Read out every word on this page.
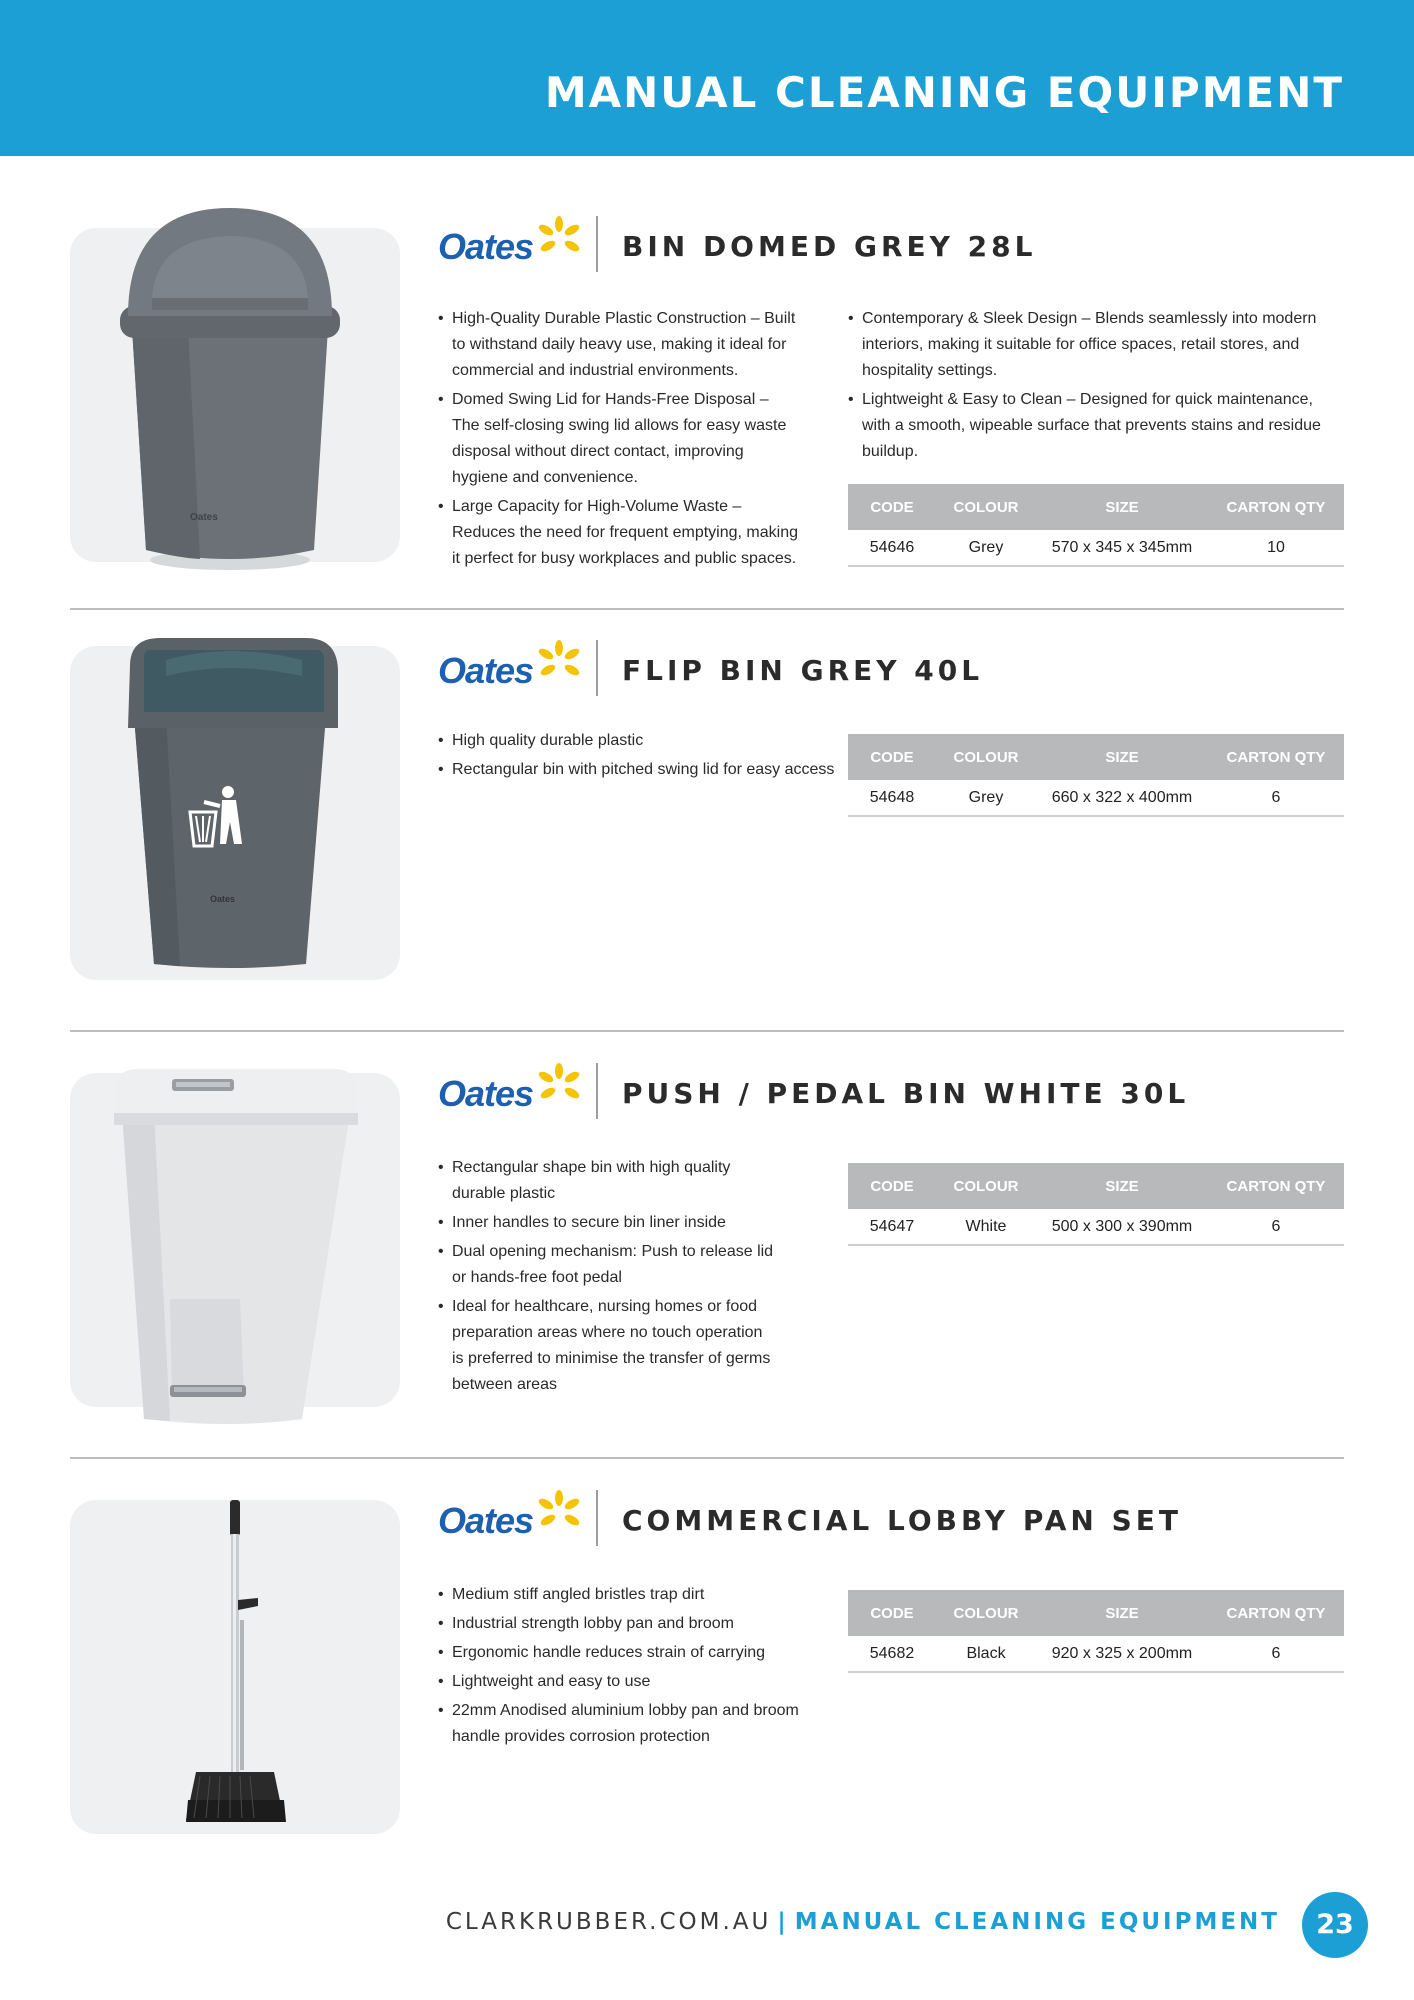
MANUAL CLEANING EQUIPMENT
Oates
Oates	BIN DOMED GREY 28L
• High-Quality Durable Plastic Construction – Built to withstand daily heavy use, making it ideal for commercial and industrial environments.
• Domed Swing Lid for Hands-Free Disposal – The self-closing swing lid allows for easy waste disposal without direct contact, improving hygiene and convenience.
• Large Capacity for High-Volume Waste – Reduces the need for frequent emptying, making it perfect for busy workplaces and public spaces.
• Contemporary & Sleek Design – Blends seamlessly into modern interiors, making it suitable for office spaces, retail stores, and hospitality settings.
• Lightweight & Easy to Clean – Designed for quick maintenance, with a smooth, wipeable surface that prevents stains and residue buildup.
CODE	COLOUR	SIZE	CARTON QTY
54646	Grey	570 x 345 x 345mm	10
Oates
Oates	FLIP BIN GREY 40L
• High quality durable plastic
• Rectangular bin with pitched swing lid for easy access
CODE	COLOUR	SIZE	CARTON QTY
54648	Grey	660 x 322 x 400mm	6
Oates	PUSH / PEDAL BIN WHITE 30L
• Rectangular shape bin with high quality durable plastic
• Inner handles to secure bin liner inside
• Dual opening mechanism: Push to release lid or hands-free foot pedal
• Ideal for healthcare, nursing homes or food preparation areas where no touch operation is preferred to minimise the transfer of germs between areas
CODE	COLOUR	SIZE	CARTON QTY
54647	White	500 x 300 x 390mm	6
Oates	COMMERCIAL LOBBY PAN SET
• Medium stiff angled bristles trap dirt
• Industrial strength lobby pan and broom
• Ergonomic handle reduces strain of carrying
• Lightweight and easy to use
• 22mm Anodised aluminium lobby pan and broom handle provides corrosion protection
CODE	COLOUR	SIZE	CARTON QTY
54682	Black	920 x 325 x 200mm	6
CLARKRUBBER.COM.AU | MANUAL CLEANING EQUIPMENT	23
